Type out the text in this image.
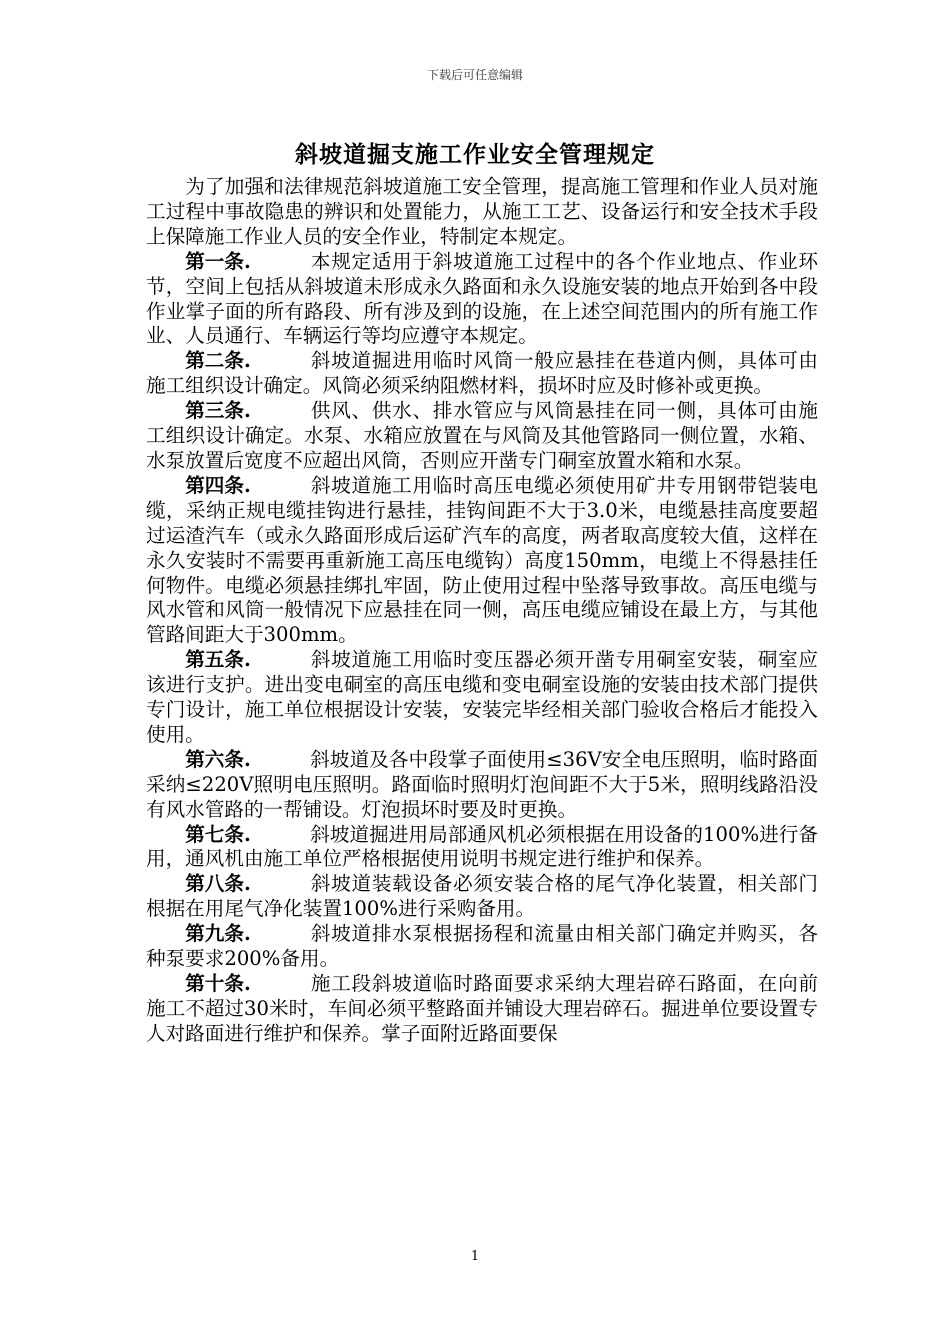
下载后可任意编辑
斜坡道掘支施工作业安全管理规定

为了加强和法律规范斜坡道施工安全管理，提高施工管理和作业人员对施工过程中事故隐患的辨识和处置能力，从施工工艺、设备运行和安全技术手段上保障施工作业人员的安全作业，特制定本规定。

第一条.	本规定适用于斜坡道施工过程中的各个作业地点、作业环节，空间上包括从斜坡道未形成永久路面和永久设施安装的地点开始到各中段作业掌子面的所有路段、所有涉及到的设施，在上述空间范围内的所有施工作业、人员通行、车辆运行等均应遵守本规定。

第二条.	斜坡道掘进用临时风筒一般应悬挂在巷道内侧，具体可由施工组织设计确定。风筒必须采纳阻燃材料，损坏时应及时修补或更换。

第三条.	供风、供水、排水管应与风筒悬挂在同一侧，具体可由施工组织设计确定。水泵、水箱应放置在与风筒及其他管路同一侧位置，水箱、水泵放置后宽度不应超出风筒，否则应开凿专门硐室放置水箱和水泵。

第四条.	斜坡道施工用临时高压电缆必须使用矿井专用钢带铠装电缆，采纳正规电缆挂钩进行悬挂，挂钩间距不大于3.0米，电缆悬挂高度要超过运渣汽车（或永久路面形成后运矿汽车的高度，两者取高度较大值，这样在永久安装时不需要再重新施工高压电缆钩）高度150mm，电缆上不得悬挂任何物件。电缆必须悬挂绑扎牢固，防止使用过程中坠落导致事故。高压电缆与风水管和风筒一般情况下应悬挂在同一侧，高压电缆应铺设在最上方，与其他管路间距大于300mm。

第五条.	斜坡道施工用临时变压器必须开凿专用硐室安装，硐室应该进行支护。进出变电硐室的高压电缆和变电硐室设施的安装由技术部门提供专门设计，施工单位根据设计安装，安装完毕经相关部门验收合格后才能投入使用。

第六条.	斜坡道及各中段掌子面使用≤36V安全电压照明，临时路面采纳≤220V照明电压照明。路面临时照明灯泡间距不大于5米，照明线路沿没有风水管路的一帮铺设。灯泡损坏时要及时更换。

第七条.	斜坡道掘进用局部通风机必须根据在用设备的100%进行备用，通风机由施工单位严格根据使用说明书规定进行维护和保养。

第八条.	斜坡道装载设备必须安装合格的尾气净化装置，相关部门根据在用尾气净化装置100%进行采购备用。

第九条.	斜坡道排水泵根据扬程和流量由相关部门确定并购买，各种泵要求200%备用。

第十条.	施工段斜坡道临时路面要求采纳大理岩碎石路面，在向前施工不超过30米时，车间必须平整路面并铺设大理岩碎石。掘进单位要设置专人对路面进行维护和保养。掌子面附近路面要保

1
